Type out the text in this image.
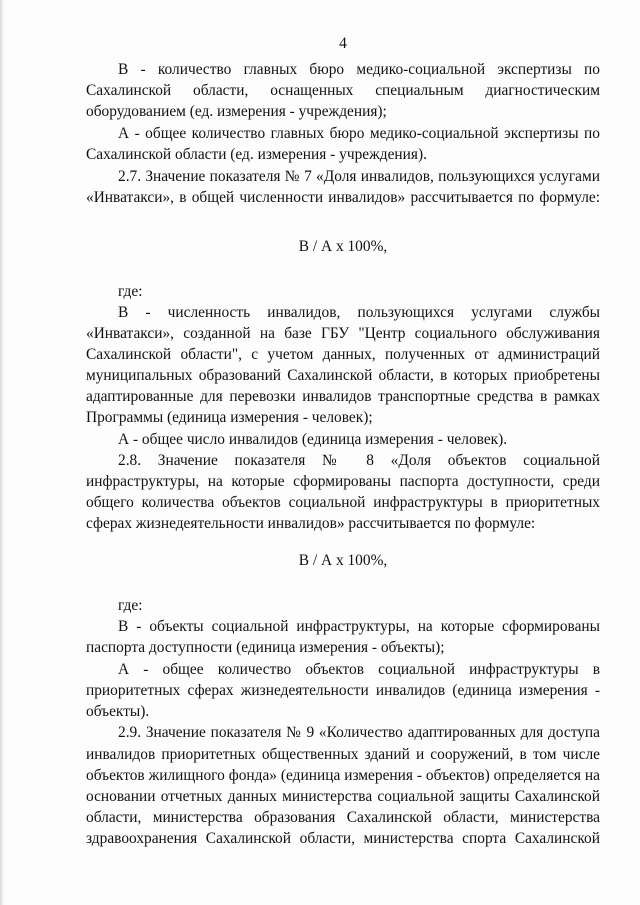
4
В - количество главных бюро медико-социальной экспертизы по
Сахалинской области, оснащенных специальным диагностическим
оборудованием (ед. измерения - учреждения);
А - общее количество главных бюро медико-социальной экспертизы по
Сахалинской области (ед. измерения - учреждения).
2.7. Значение показателя № 7 «Доля инвалидов, пользующихся услугами
«Инватакси», в общей численности инвалидов» рассчитывается по формуле:
В / А х 100%,
где:
В - численность инвалидов, пользующихся услугами службы
«Инватакси», созданной на базе ГБУ "Центр социального обслуживания
Сахалинской области", с учетом данных, полученных от администраций
муниципальных образований Сахалинской области, в которых приобретены
адаптированные для перевозки инвалидов транспортные средства в рамках
Программы (единица измерения - человек);
А - общее число инвалидов (единица измерения - человек).
2.8. Значение показателя № 8 «Доля объектов социальной
инфраструктуры, на которые сформированы паспорта доступности, среди
общего количества объектов социальной инфраструктуры в приоритетных
сферах жизнедеятельности инвалидов» рассчитывается по формуле:
В / А х 100%,
где:
В - объекты социальной инфраструктуры, на которые сформированы
паспорта доступности (единица измерения - объекты);
А - общее количество объектов социальной инфраструктуры в
приоритетных сферах жизнедеятельности инвалидов (единица измерения -
объекты).
2.9. Значение показателя № 9 «Количество адаптированных для доступа
инвалидов приоритетных общественных зданий и сооружений, в том числе
объектов жилищного фонда» (единица измерения - объектов) определяется на
основании отчетных данных министерства социальной защиты Сахалинской
области, министерства образования Сахалинской области, министерства
здравоохранения Сахалинской области, министерства спорта Сахалинской
